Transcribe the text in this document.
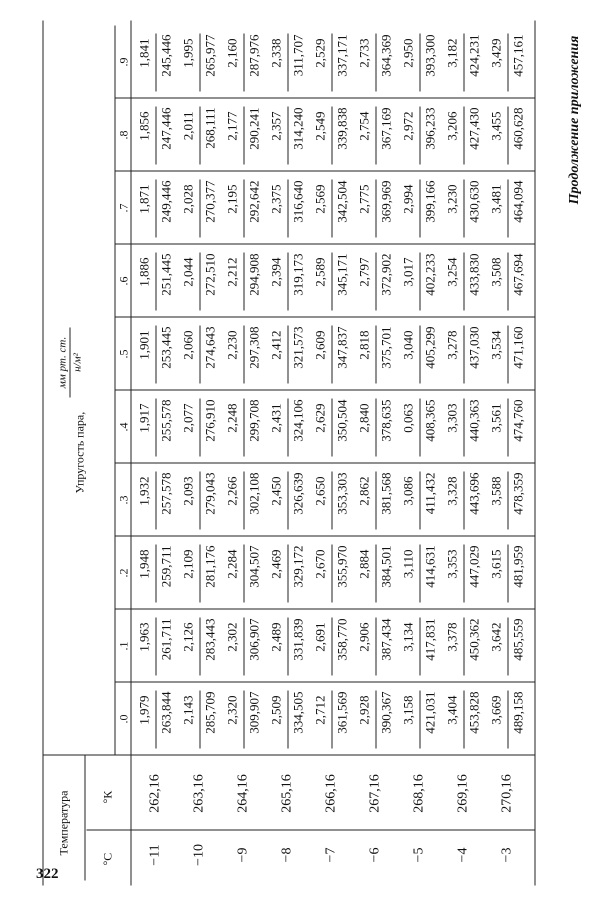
Температура
°С
°К
Упругость пара,
мм рт. ст. н/м²
.0
.1
.2
.3
.4
.5
.6
.7
.8
.9
−11
262,16
1,979 263,844
1,963 261,711
1,948 259,711
1,932 257,578
1,917 255,578
1,901 253,445
1,886 251,445
1,871 249,446
1,856 247,446
1,841 245,446
−10
263,16
2,143 285,709
2,126 283,443
2,109 281,176
2,093 279,043
2,077 276,910
2,060 274,643
2,044 272,510
2,028 270,377
2,011 268,111
1,995 265,977
−9
264,16
2,320 309,907
2,302 306,907
2,284 304,507
2,266 302,108
2,248 299,708
2,230 297,308
2,212 294,908
2,195 292,642
2,177 290,241
2,160 287,976
−8
265,16
2,509 334,505
2,489 331,839
2,469 329,172
2,450 326,639
2,431 324,106
2,412 321,573
2,394 319,173
2,375 316,640
2,357 314,240
2,338 311,707
−7
266,16
2,712 361,569
2,691 358,770
2,670 355,970
2,650 353,303
2,629 350,504
2,609 347,837
2,589 345,171
2,569 342,504
2,549 339,838
2,529 337,171
−6
267,16
2,928 390,367
2,906 387,434
2,884 384,501
2,862 381,568
2,840 378,635
2,818 375,701
2,797 372,902
2,775 369,969
2,754 367,169
2,733 364,369
−5
268,16
3,158 421,031
3,134 417,831
3,110 414,631
3,086 411,432
0,063 408,365
3,040 405,299
3,017 402,233
2,994 399,166
2,972 396,233
2,950 393,300
−4
269,16
3,404 453,828
3,378 450,362
3,353 447,029
3,328 443,696
3,303 440,363
3,278 437,030
3,254 433,830
3,230 430,630
3,206 427,430
3,182 424,231
−3
270,16
3,669 489,158
3,642 485,559
3,615 481,959
3,588 478,359
3,561 474,760
3,534 471,160
3,508 467,694
3,481 464,094
3,455 460,628
3,429 457,161
322
Продолжение приложения
